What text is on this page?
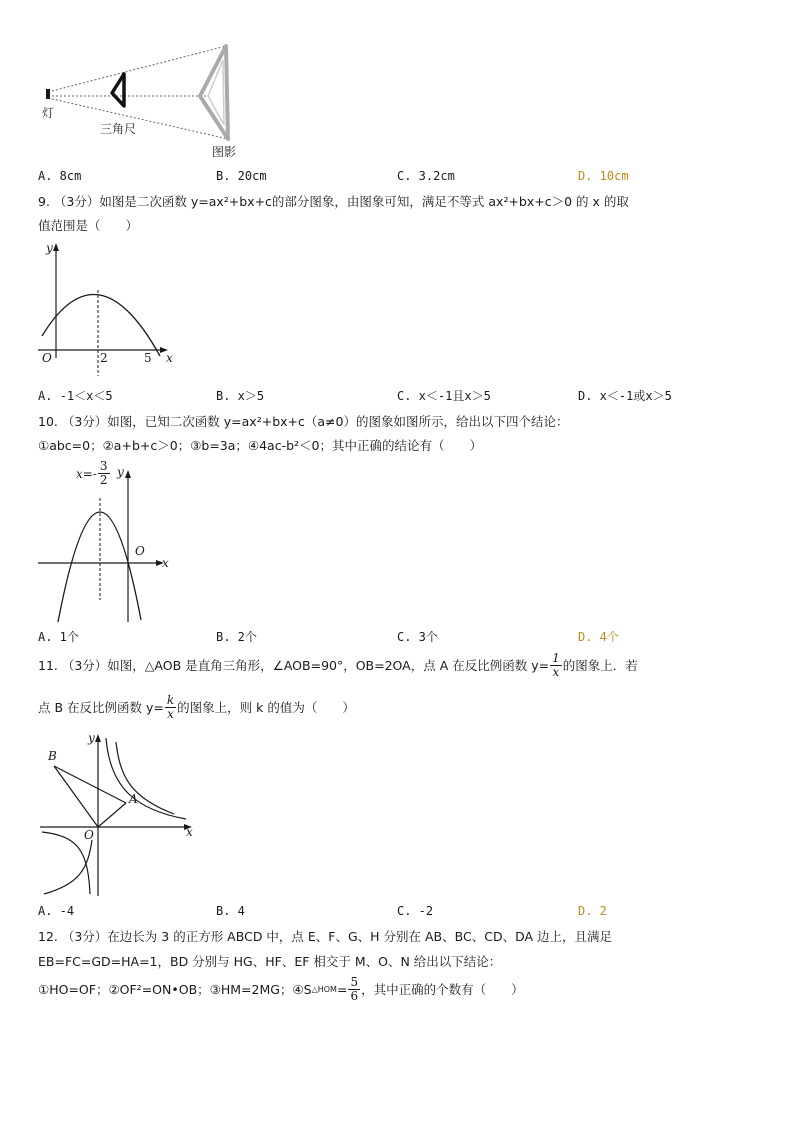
灯
三角尺
图影
A. 8cm	B. 20cm	C. 3.2cm	D. 10cm
9. （3分）如图是二次函数 y=ax²+bx+c的部分图象，由图象可知，满足不等式 ax²+bx+c＞0 的 x 的取
值范围是（　　）
y
x
O	2	5
A. -1＜x＜5	B. x＞5	C. x＜-1且x＞5	D. x＜-1或x＞5
10. （3分）如图，已知二次函数 y=ax²+bx+c（a≠0）的图象如图所示，给出以下四个结论：
①abc=0；②a+b+c＞0；③b=3a；④4ac-b²＜0；其中正确的结论有（　　）
y
x
O
$x=- \frac{3}{2}$
A. 1个	B. 2个	C. 3个	D. 4个
11. （3分）如图，△AOB 是直角三角形，∠AOB=90°，OB=2OA，点 A 在反比例函数 $y= \frac{1}{x}$ 的图象上．若
点 B 在反比例函数 $y= \frac{k}{x}$ 的图象上，则 k 的值为（　　）
y
x
O
A
B
A. -4	B. 4	C. -2	D. 2
12. （3分）在边长为 3 的正方形 ABCD 中，点 E、F、G、H 分别在 AB、BC、CD、DA 边上，且满足
EB=FC=GD=HA=1，BD 分别与 HG、HF、EF 相交于 M、O、N 给出以下结论：
①HO=OF；②OF²=ON•OB；③HM=2MG；④S △HOM = $\frac{5}{6}$ ，其中正确的个数有（　　）
